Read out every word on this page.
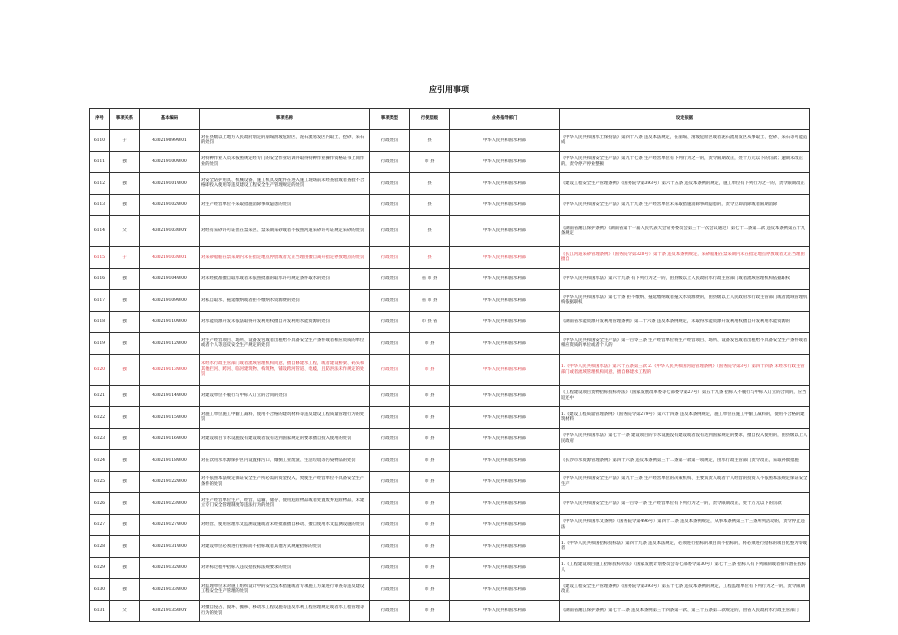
应引用事项
序号	事项关系	基本编码	事项名称	事项类型	行使层级	业务指导部门	设定依据

6110	子	430219099W01	对在县级以上地方人民政府划定的崩塌滑坡危险区、泥石流易发区内取土、挖砂、采石的处罚	行政处罚	县	中华人民共和国水利部	《中华人民共和国水土保持法》第四十八条 违反本法规定，在崩塌、滑坡危险区或者泥石流易发区从事取土、挖砂、采石等可能造成

6111	独	430219100W00	对特种作业人员未按照规定经专门的安全作业培训并取得特种作业操作资格证书上岗作业的处罚	行政处罚	市 县	中华人民共和国水利部	《中华人民共和国安全生产法》第九十七条 生产经营单位有下列行为之一的，责令限期改正，处十万元以下的罚款；逾期未改正的，责令停产停业整顿

6112	独	430219101W00	对安全防护用具、机械设备、施工机具及配件在进入施工现场前未经查验或者查验不合格即投入使用等违反建设工程安全生产管理规定的处罚	行政处罚	县	中华人民共和国水利部	《建设工程安全生产管理条例》（国务院令第393号）第六十五条 违反本条例的规定，施工单位有下列行为之一的，责令限期改正

6113	独	430219102W00	对生产经营单位不采取措施消除事故隐患的处罚	行政处罚	县	中华人民共和国水利部	《中华人民共和国安全生产法》第九十九条 生产经营单位未采取措施消除事故隐患的，责令立即消除或者限期消除

6114	父	430219103W0Y	对经有采砂许可证但在禁采区、禁采期采砂或者不按照河道采砂许可证规定采砂的处罚	行政处罚	县	中华人民共和国水利部	《湖南省湘江保护条例》（湖南省第十一届人民代表大会常务委员会第三十一次会议通过）第七十二条第二款 违反本条例第五十九条规定

6115	子	430219103W01	对采砂船舶在禁采期内未在指定地点停放或者无正当理由擅自离开指定停放地点的处罚	行政处罚	县	中华人民共和国水利部	《长江河道采砂管理条例》（国务院令第320号）第十条 违反本条例规定，采砂船舶在禁采期内未在指定地点停放或者无正当理由擅自

6116	独	430219104W00	对未经批准擅自取水或者未依照批准的取水许可规定条件取水的处罚	行政处罚	省 市 县	中华人民共和国水利部	《中华人民共和国水法》第六十九条 有下列行为之一的，由县级以上人民政府水行政主管部门或者流域管理机构依据职权

6117	独	430219109W00	对私自取水、拖延缴纳或者拒不缴纳水资源费的处罚	行政处罚	省 市 县	中华人民共和国水利部	《中华人民共和国水法》第七十条 拒不缴纳、拖延缴纳或者拖欠水资源费的，由县级以上人民政府水行政主管部门或者流域管理机构依据职权

6118	独	430219110W00	对水能资源开发未依法取得开发利用权擅自开发利用水能资源的处罚	行政处罚	市 县 省	中华人民共和国水利部	《湖南省水能资源开发利用管理条例》第二十六条 违反本条例规定，未取得水能资源开发利用权擅自开发利用水能资源的

6119	独	430219112W00	对生产经营项目、场所、设备发包或者出租给不具备安全生产条件或者相应资质的单位或者个人等违反安全生产规定的处罚	行政处罚	市 县	中华人民共和国水利部	《中华人民共和国安全生产法》第一百零三条 生产经营单位将生产经营项目、场所、设备发包或者出租给不具备安全生产条件或者相应资质的单位或者个人的

6120	独	430219113W00	未经水行政主管部门或者流域管理机构同意，擅自修建水工程，或者建设桥梁、码头和其他拦河、跨河、临河建筑物、构筑物，铺设跨河管道、电缆，且防洪法未作规定的处罚	行政处罚	市 县	中华人民共和国水利部	1.《中华人民共和国水法》第六十五条第三款 2.《中华人民共和国河道管理条例》（国务院令第3号）第四十四条 未经水行政主管部门或者流域管理机构同意，擅自修建水工程的

6121	独	430219114W00	对建设单位不履行与中标人订立的合同的处罚	行政处罚	市 县	中华人民共和国水利部	《工程建设项目货物招标投标办法》（国家发展改革委等七部委令第27号）第五十九条 招标人不履行与中标人订立的合同的，应当返还中

6122	独	430219115W00	对施工单位施工中偷工减料，使用不合格的建筑材料等违反建设工程质量管理行为的处罚	行政处罚	市 县	中华人民共和国水利部	1.《建设工程质量管理条例》（国务院令第279号）第六十四条 违反本条例规定，施工单位在施工中偷工减料的，使用不合格的建筑材料

6123	独	430219116W00	对建设项目节水设施没有建设或者没有达到国家规定的要求擅自投入使用的处罚	行政处罚	市 县	中华人民共和国水利部	《中华人民共和国水法》第七十一条 建设项目的节水设施没有建设或者没有达到国家规定的要求，擅自投入使用的，由县级以上人民政府

6124	独	430219118W00	对在饮用水水源保护区内设置排污口、倾倒工业废渣、生活垃圾等污染物品的处罚	行政处罚	市 县	中华人民共和国水利部	《长沙市水资源管理条例》第四十六条 违反本条例第三十二条第一款第一项规定，由水行政主管部门责令改正，采取补救措施

6125	独	430219122W00	对不依照本法规定保证安全生产所必需的资金投入，致使生产经营单位不具备安全生产条件的处罚	行政处罚	市 县	中华人民共和国水利部	《中华人民共和国安全生产法》第九十三条 生产经营单位的决策机构、主要负责人或者个人经营的投资人不依照本法规定保证安全生产

6126	独	430219123W00	对生产经营单位生产、经营、运输、储存、使用危险物品或者处置废弃危险物品，未建立专门安全管理制度等违法行为的处罚	行政处罚	市 县	中华人民共和国水利部	《中华人民共和国安全生产法》第一百零一条 生产经营单位有下列行为之一的，责令限期改正，处十万元以下的罚款

6127	独	430219127W00	对经营、使用管理水文监测设施或者未经批准擅自移动、擅自使用水文监测设施的处罚	行政处罚	市 县	中华人民共和国水利部	《中华人民共和国水文条例》（国务院令第496号）第四十二条 违反本条例规定，从事本条例第三十三条所列活动的，责令停止违法

6128	独	430219131W00	对建设单位必须进行招标而不招标或者其他方式规避招标的处罚	行政处罚	市 县	中华人民共和国水利部	1.《中华人民共和国招标投标法》第四十九条 违反本法规定，必须进行招标的项目而不招标的，将必须进行招标的项目化整为零或者

6129	独	430219132W00	对评标过程中招标人违反招投标法规要求的处罚	行政处罚	市 县	中华人民共和国水利部	1.《工程建设项目施工招标投标办法》（国家发展计划委员会等七部委令第30号）第七十三条 招标人有下列限制或者排斥潜在投标人

6130	独	430219133W00	对监理单位未对施工组织设计中的安全技术措施或者专项施工方案进行审查等违反建设工程安全生产管理的处罚	行政处罚	市 县	中华人民共和国水利部	《建设工程安全生产管理条例》（国务院令第393号）第五十七条 违反本条例的规定，工程监理单位有下列行为之一的，责令限期改正

6131	父	430219135W0Y	对擅自侵占、毁坏、搬移、移动水工程设施等违反水利工程管理规定或者水工程管理等行为的处罚	行政处罚	市 县	中华人民共和国水利部	《湖南省湘江保护条例》第七十二条 违反本条例第三十四条第一款、第三十五条第二款规定的，由省人民政府水行政主管部门
